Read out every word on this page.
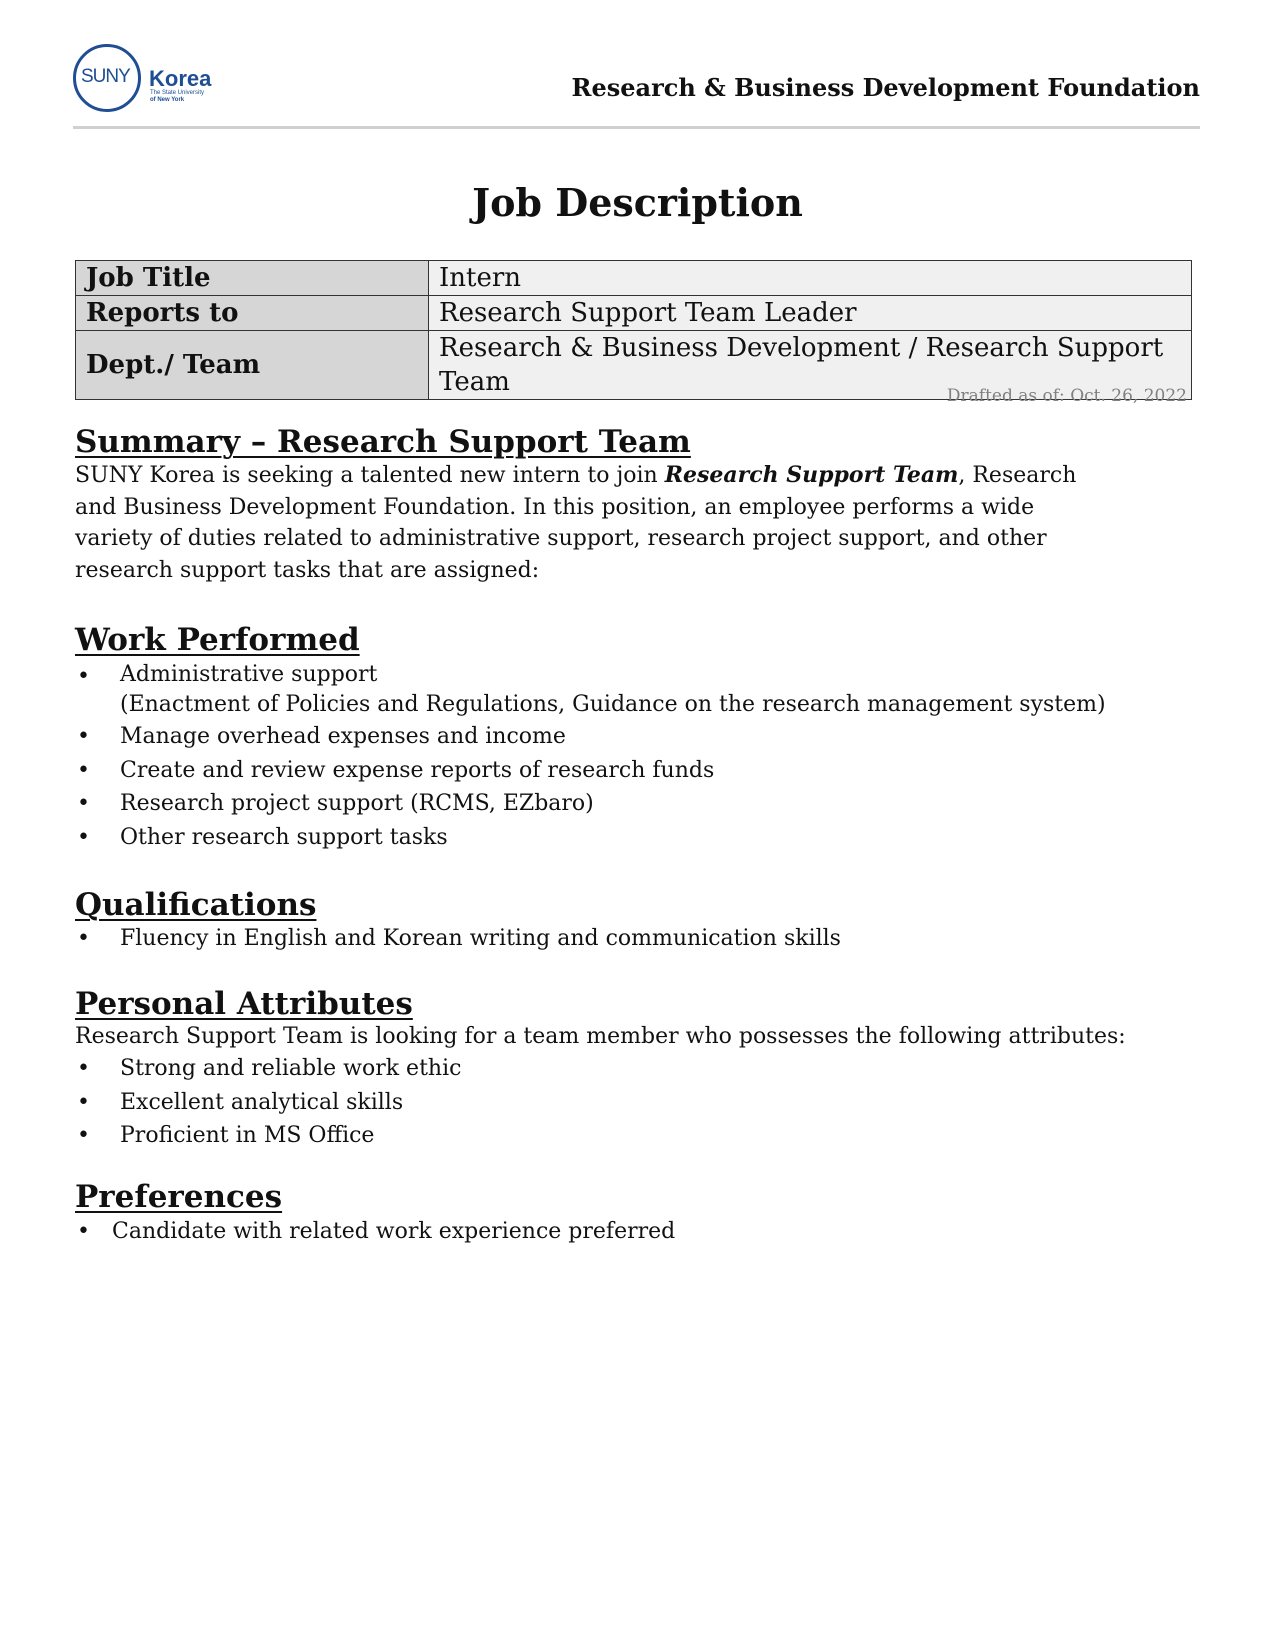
SUNY Korea
The State University
of New York	Research & Business Development Foundation
Job Description
Job Title	Intern
Reports to	Research Support Team Leader
Dept./ Team	Research & Business Development / Research Support Team	Drafted as of: Oct. 26, 2022
Summary – Research Support Team
SUNY Korea is seeking a talented new intern to join Research Support Team, Research and Business Development Foundation. In this position, an employee performs a wide variety of duties related to administrative support, research project support, and other research support tasks that are assigned:
Work Performed
• Administrative support
(Enactment of Policies and Regulations, Guidance on the research management system)
• Manage overhead expenses and income
• Create and review expense reports of research funds
• Research project support (RCMS, EZbaro)
• Other research support tasks
Qualifications
• Fluency in English and Korean writing and communication skills
Personal Attributes
Research Support Team is looking for a team member who possesses the following attributes:
• Strong and reliable work ethic
• Excellent analytical skills
• Proficient in MS Office
Preferences
• Candidate with related work experience preferred
